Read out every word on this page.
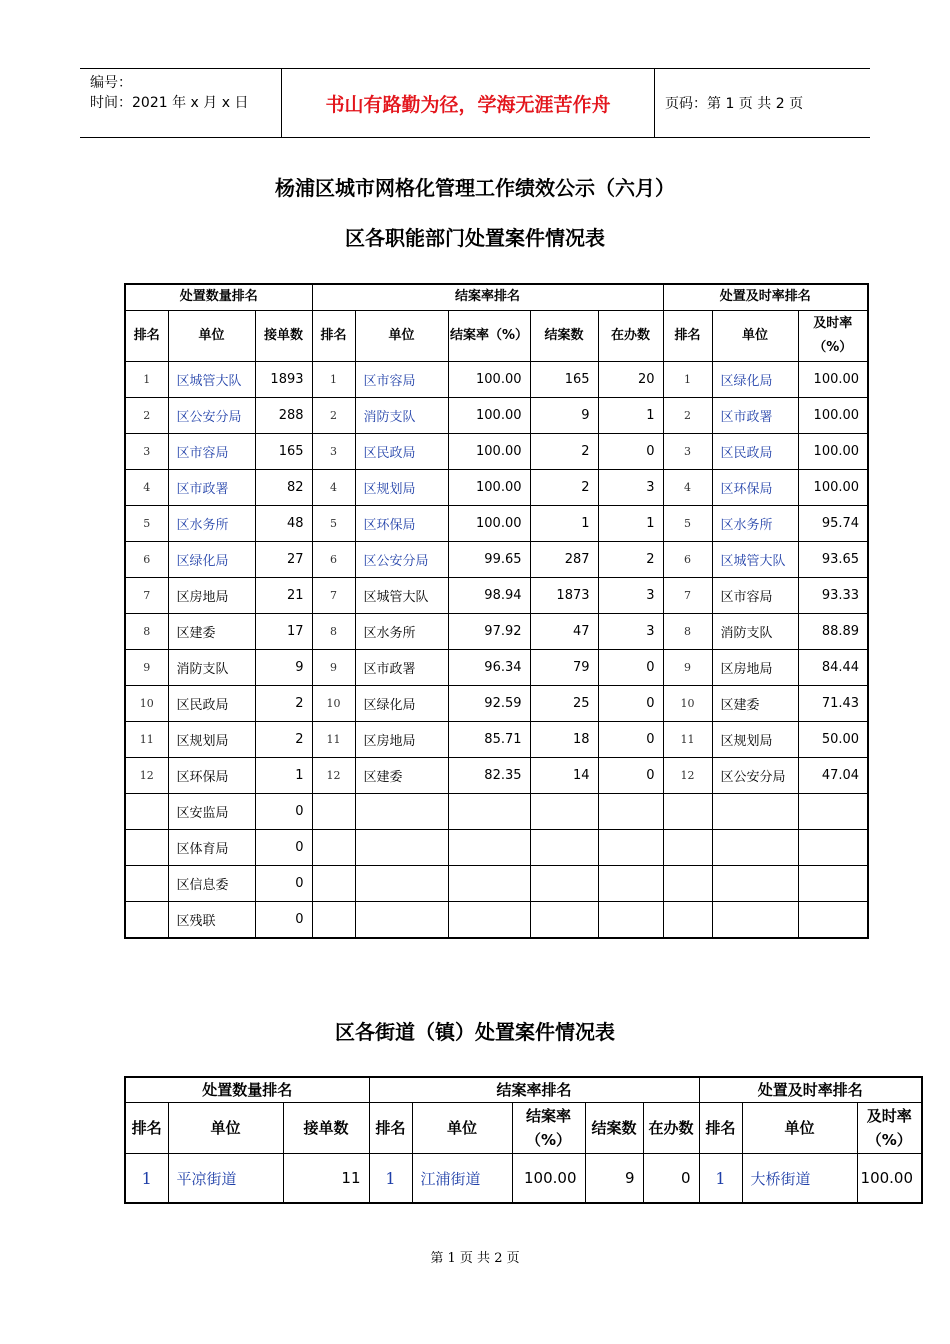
编号：
时间：2021 年 x 月 x 日	书山有路勤为径，学海无涯苦作舟	页码：第 1 页 共 2 页
杨浦区城市网格化管理工作绩效公示（六月）
区各职能部门处置案件情况表
处置数量排名			结案率排名					处置及时率排名		
排名	单位	接单数	排名	单位	结案率（%）	结案数	在办数	排名	单位	及时率（%）
1	区城管大队	1893	1	区市容局	100.00	165	20	1	区绿化局	100.00
2	区公安分局	288	2	消防支队	100.00	9	1	2	区市政署	100.00
3	区市容局	165	3	区民政局	100.00	2	0	3	区民政局	100.00
4	区市政署	82	4	区规划局	100.00	2	3	4	区环保局	100.00
5	区水务所	48	5	区环保局	100.00	1	1	5	区水务所	95.74
6	区绿化局	27	6	区公安分局	99.65	287	2	6	区城管大队	93.65
7	区房地局	21	7	区城管大队	98.94	1873	3	7	区市容局	93.33
8	区建委	17	8	区水务所	97.92	47	3	8	消防支队	88.89
9	消防支队	9	9	区市政署	96.34	79	0	9	区房地局	84.44
10	区民政局	2	10	区绿化局	92.59	25	0	10	区建委	71.43
11	区规划局	2	11	区房地局	85.71	18	0	11	区规划局	50.00
12	区环保局	1	12	区建委	82.35	14	0	12	区公安分局	47.04
	区安监局	0								
	区体育局	0								
	区信息委	0								
	区残联	0								
区各街道（镇）处置案件情况表
处置数量排名			结案率排名					处置及时率排名		
排名	单位	接单数	排名	单位	结案率（%）	结案数	在办数	排名	单位	及时率（%）
1	平凉街道	11	1	江浦街道	100.00	9	0	1	大桥街道	100.00
第 1 页 共 2 页
